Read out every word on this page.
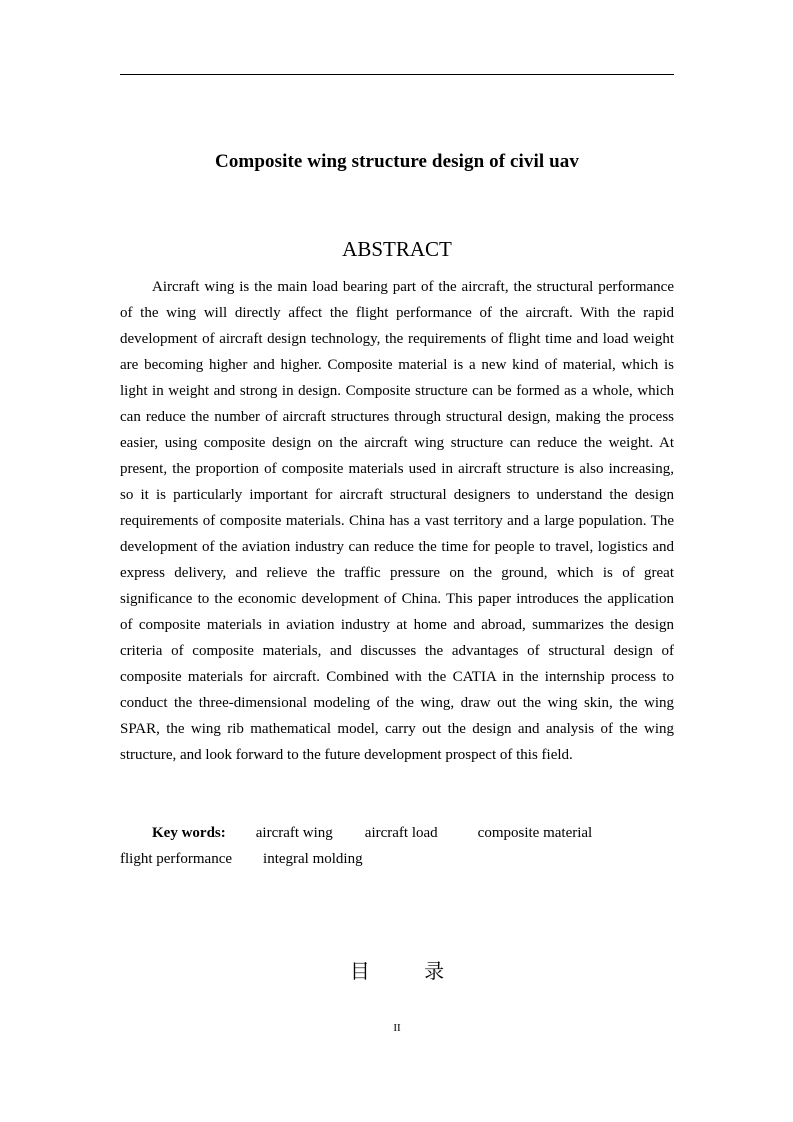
Composite wing structure design of civil uav
ABSTRACT

Aircraft wing is the main load bearing part of the aircraft, the structural performance of the wing will directly affect the flight performance of the aircraft. With the rapid development of aircraft design technology, the requirements of flight time and load weight are becoming higher and higher. Composite material is a new kind of material, which is light in weight and strong in design. Composite structure can be formed as a whole, which can reduce the number of aircraft structures through structural design, making the process easier, using composite design on the aircraft wing structure can reduce the weight. At present, the proportion of composite materials used in aircraft structure is also increasing, so it is particularly important for aircraft structural designers to understand the design requirements of composite materials. China has a vast territory and a large population. The development of the aviation industry can reduce the time for people to travel, logistics and express delivery, and relieve the traffic pressure on the ground, which is of great significance to the economic development of China. This paper introduces the application of composite materials in aviation industry at home and abroad, summarizes the design criteria of composite materials, and discusses the advantages of structural design of composite materials for aircraft. Combined with the CATIA in the internship process to conduct the three-dimensional modeling of the wing, draw out the wing skin, the wing SPAR, the wing rib mathematical model, carry out the design and analysis of the wing structure, and look forward to the future development prospect of this field.

Key words: aircraft wing aircraft load	composite material
flight performance integral molding
目 录
II
